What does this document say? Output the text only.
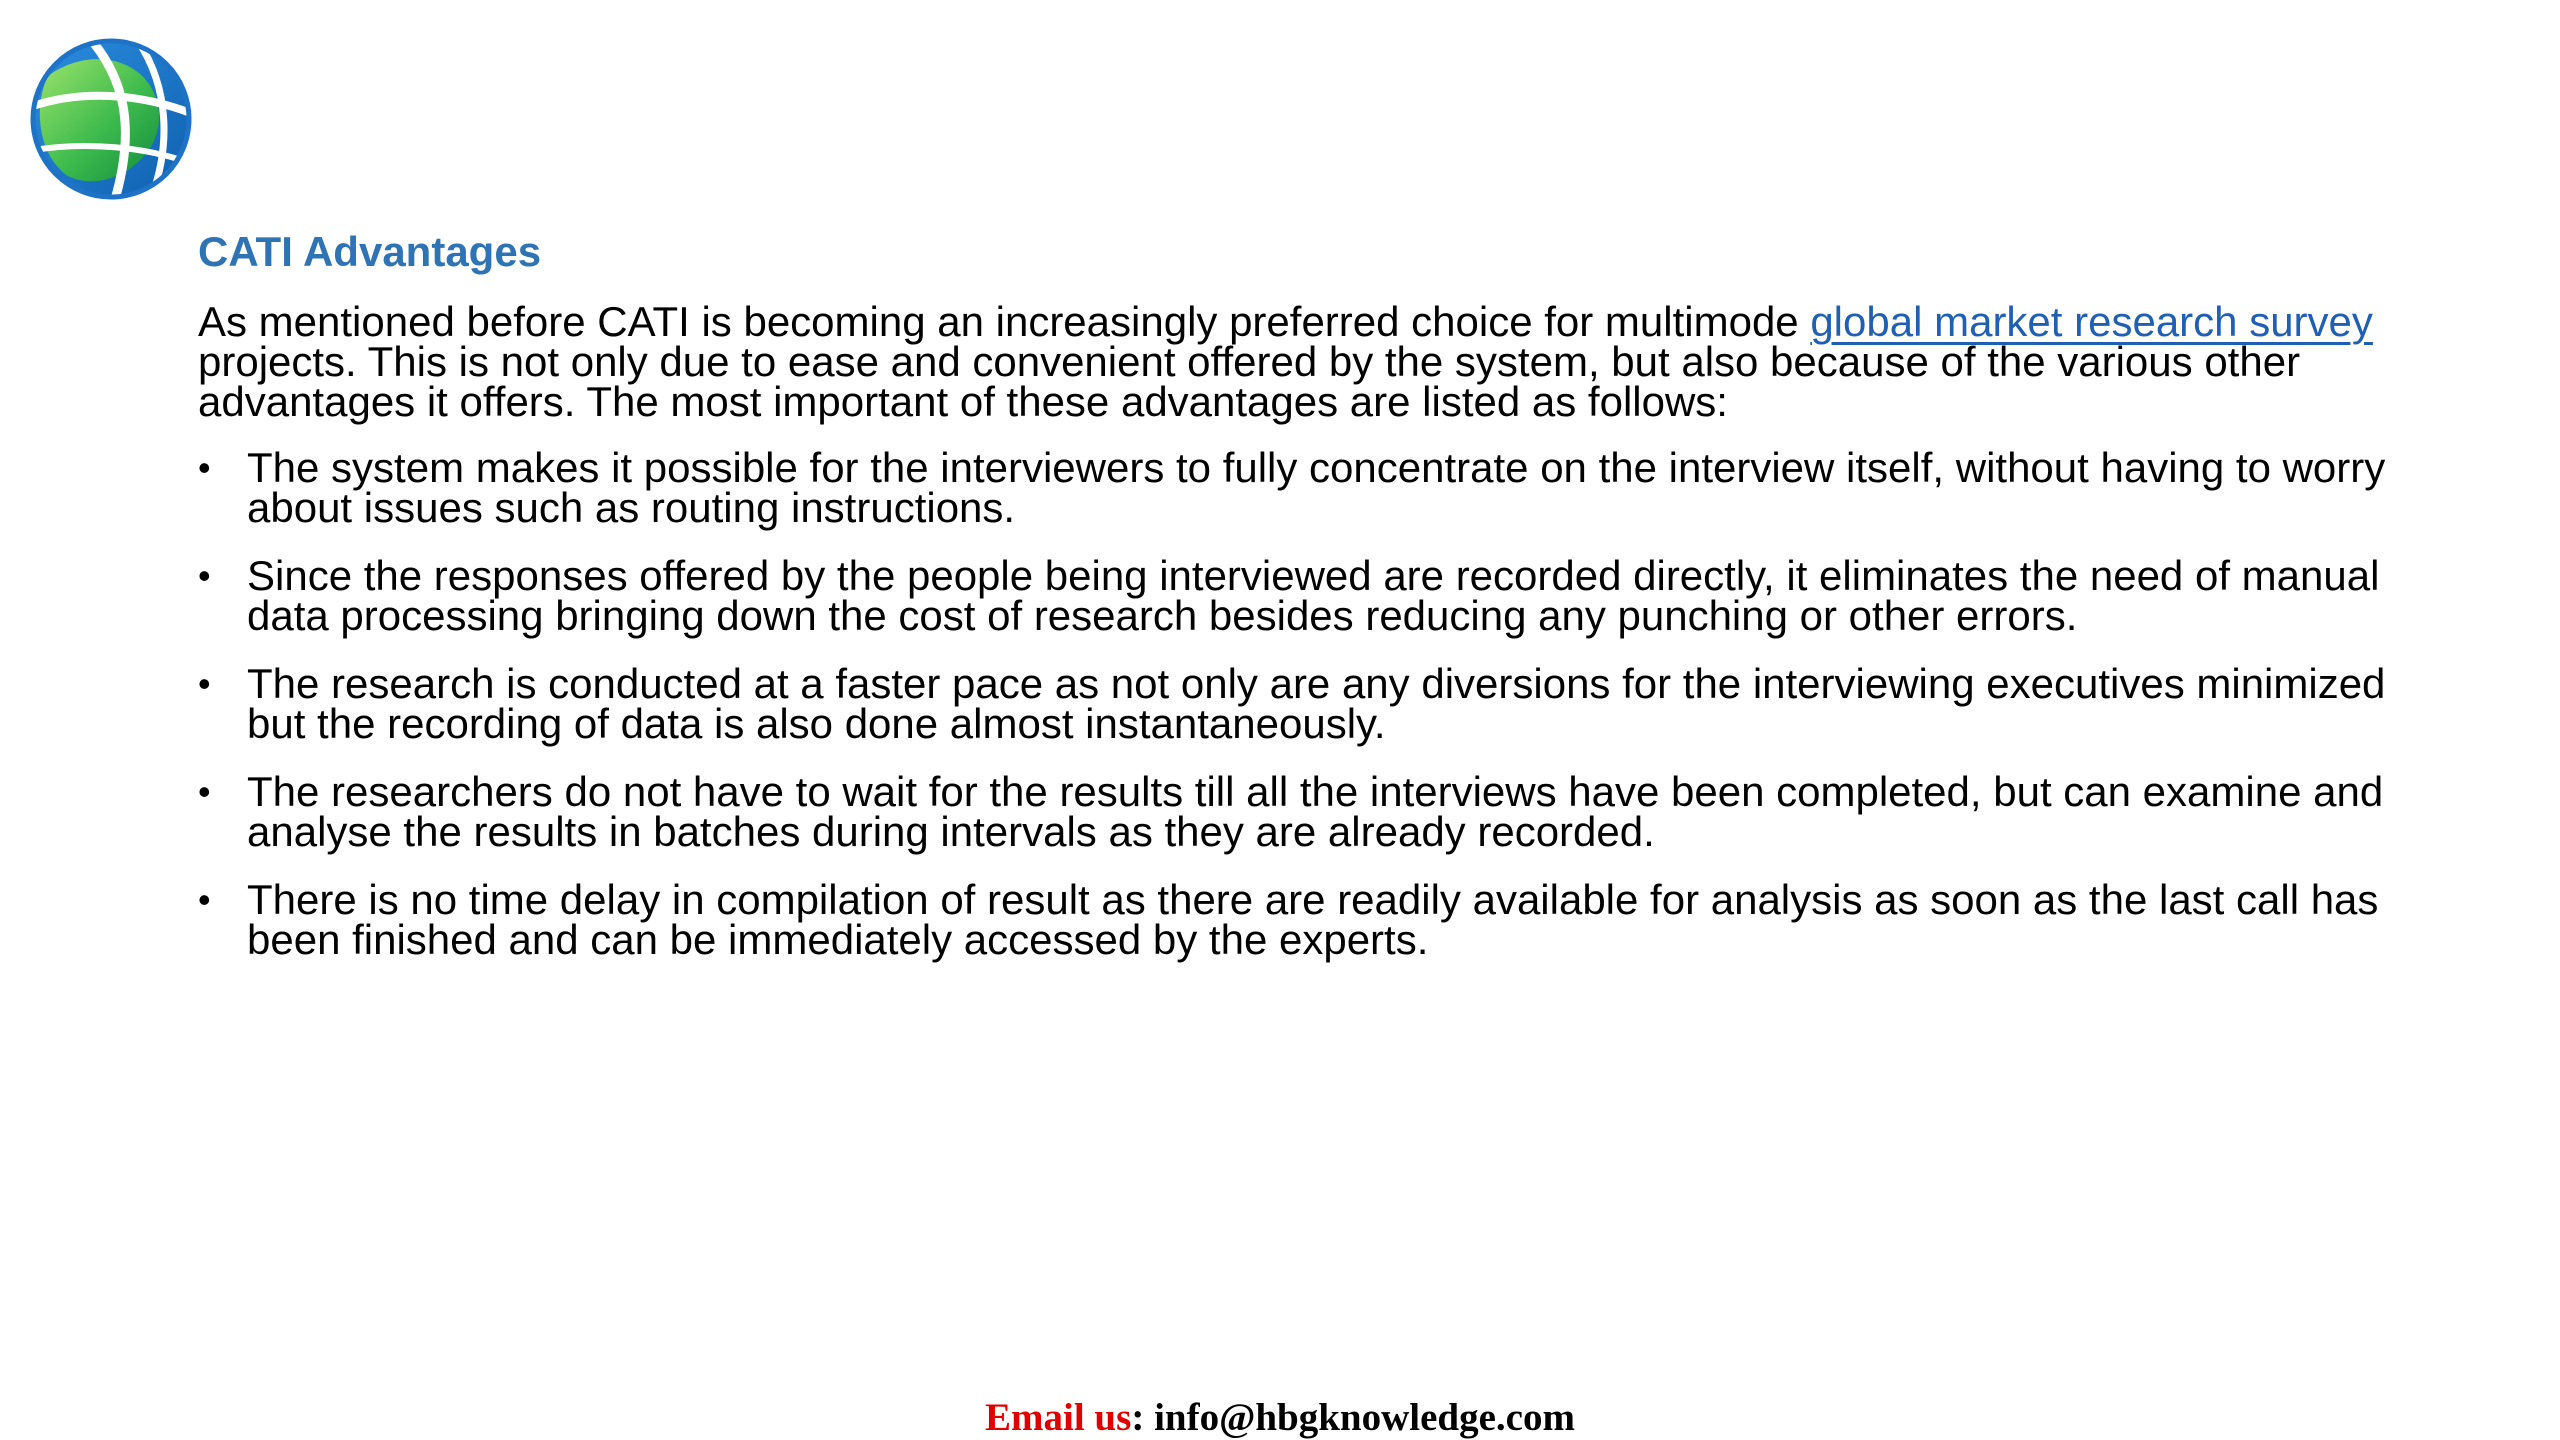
CATI Advantages

As mentioned before CATI is becoming an increasingly preferred choice for multimode global market research survey projects. This is not only due to ease and convenient offered by the system, but also because of the various other advantages it offers. The most important of these advantages are listed as follows:

• The system makes it possible for the interviewers to fully concentrate on the interview itself, without having to worry about issues such as routing instructions.
• Since the responses offered by the people being interviewed are recorded directly, it eliminates the need of manual data processing bringing down the cost of research besides reducing any punching or other errors.
• The research is conducted at a faster pace as not only are any diversions for the interviewing executives minimized but the recording of data is also done almost instantaneously.
• The researchers do not have to wait for the results till all the interviews have been completed, but can examine and analyse the results in batches during intervals as they are already recorded.
• There is no time delay in compilation of result as there are readily available for analysis as soon as the last call has been finished and can be immediately accessed by the experts.
Email us: info@hbgknowledge.com
